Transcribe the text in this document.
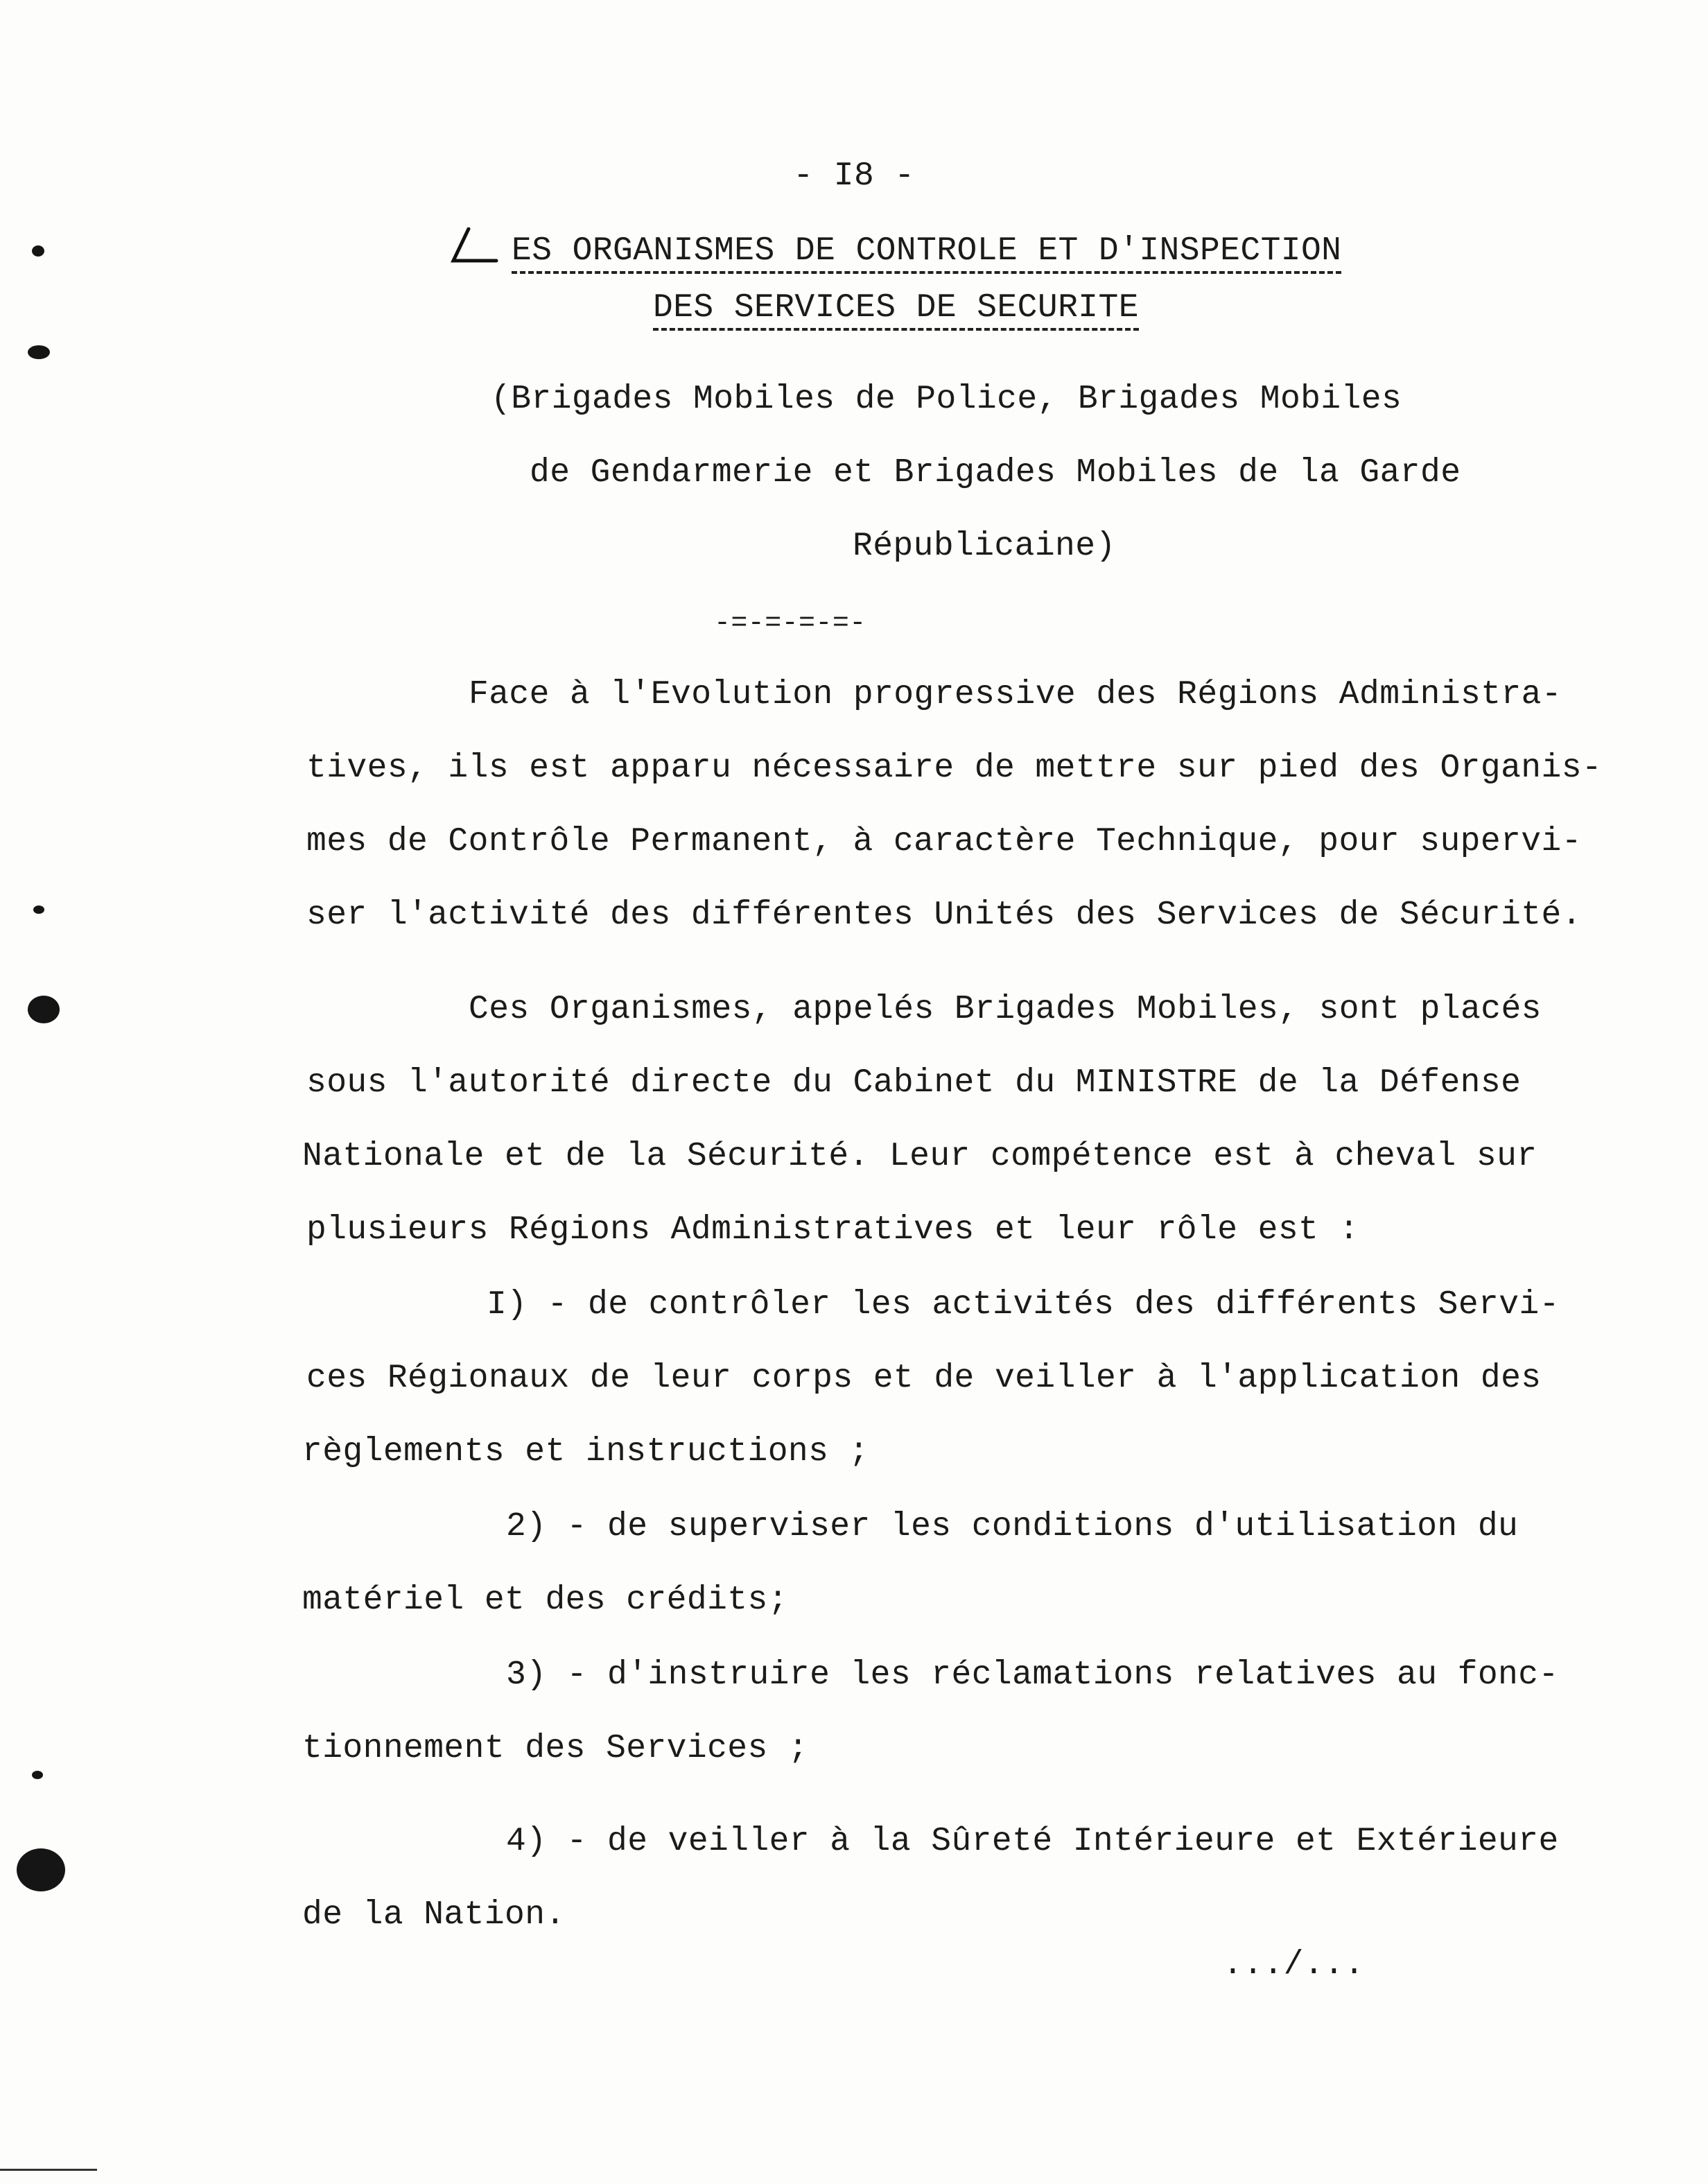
- I8 -
ES ORGANISMES DE CONTROLE ET D'INSPECTION
DES SERVICES DE SECURITE
(Brigades Mobiles de Police, Brigades Mobiles
de Gendarmerie et Brigades Mobiles de la Garde
Républicaine)
-=-=-=-=-
Face à l'Evolution progressive des Régions Administra-
tives, ils est apparu nécessaire de mettre sur pied des Organis-
mes de Contrôle Permanent, à caractère Technique, pour supervi-
ser l'activité des différentes Unités des Services de Sécurité.
Ces Organismes, appelés Brigades Mobiles, sont placés
sous l'autorité directe du Cabinet du MINISTRE de la Défense
Nationale et de la Sécurité. Leur compétence est à cheval sur
plusieurs Régions Administratives et leur rôle est :
I) - de contrôler les activités des différents Servi-
ces Régionaux de leur corps et de veiller à l'application des
règlements et instructions ;
2) - de superviser les conditions d'utilisation du
matériel et des crédits;
3) - d'instruire les réclamations relatives au fonc-
tionnement des Services ;
4) - de veiller à la Sûreté Intérieure et Extérieure
de la Nation.
.../...
